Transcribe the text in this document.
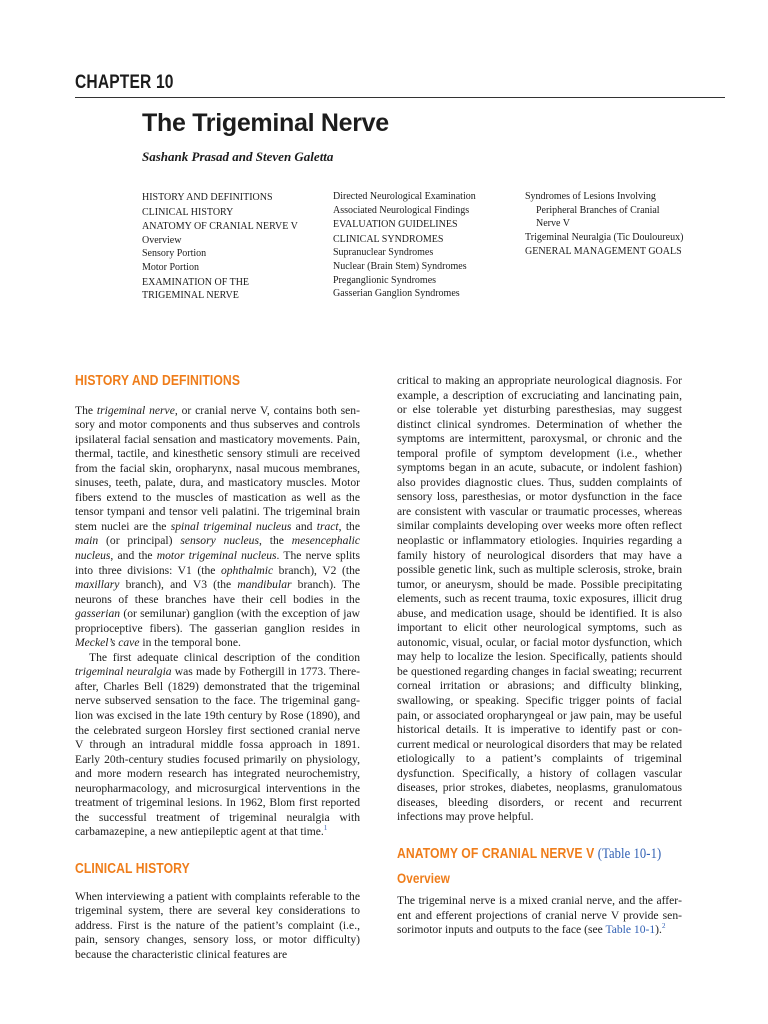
CHAPTER 10
The Trigeminal Nerve
Sashank Prasad and Steven Galetta
HISTORY AND DEFINITIONS
CLINICAL HISTORY
ANATOMY OF CRANIAL NERVE V
Overview
Sensory Portion
Motor Portion
EXAMINATION OF THE
TRIGEMINAL NERVE
Directed Neurological Examination
Associated Neurological Findings
EVALUATION GUIDELINES
CLINICAL SYNDROMES
Supranuclear Syndromes
Nuclear (Brain Stem) Syndromes
Preganglionic Syndromes
Gasserian Ganglion Syndromes
Syndromes of Lesions Involving
Peripheral Branches of Cranial
Nerve V
Trigeminal Neuralgia (Tic Douloureux)
GENERAL MANAGEMENT GOALS
HISTORY AND DEFINITIONS

The trigeminal nerve, or cranial nerve V, contains both sensory and motor components and thus subserves and controls ipsilateral facial sensation and masticatory movements. Pain, thermal, tactile, and kinesthetic sensory stimuli are received from the facial skin, oropharynx, nasal mucous membranes, sinuses, teeth, palate, dura, and masticatory muscles. Motor fibers extend to the muscles of mastication as well as the tensor tympani and tensor veli palatini. The trigeminal brain stem nuclei are the spinal trigeminal nucleus and tract, the main (or principal) sensory nucleus, the mesencephalic nucleus, and the motor trigeminal nucleus. The nerve splits into three divisions: V1 (the ophthalmic branch), V2 (the maxillary branch), and V3 (the mandibular branch). The neurons of these branches have their cell bodies in the gasserian (or semilunar) ganglion (with the exception of jaw proprioceptive fibers). The gasserian ganglion resides in Meckel’s cave in the temporal bone.

The first adequate clinical description of the condition trigeminal neuralgia was made by Fothergill in 1773. Thereafter, Charles Bell (1829) demonstrated that the trigeminal nerve subserved sensation to the face. The trigeminal ganglion was excised in the late 19th century by Rose (1890), and the celebrated surgeon Horsley first sectioned cranial nerve V through an intradural middle fossa approach in 1891. Early 20th-century studies focused primarily on physiology, and more modern research has integrated neurochemistry, neuropharmacology, and microsurgical interventions in the treatment of trigeminal lesions. In 1962, Blom first reported the successful treatment of trigeminal neuralgia with carbamazepine, a new antiepileptic agent at that time.$^1$

CLINICAL HISTORY

When interviewing a patient with complaints referable to the trigeminal system, there are several key considerations to address. First is the nature of the patient’s complaint (i.e., pain, sensory changes, sensory loss, or motor difficulty) because the characteristic clinical features are

critical to making an appropriate neurological diagnosis. For example, a description of excruciating and lancinating pain, or else tolerable yet disturbing paresthesias, may suggest distinct clinical syndromes. Determination of whether the symptoms are intermittent, paroxysmal, or chronic and the temporal profile of symptom development (i.e., whether symptoms began in an acute, subacute, or indolent fashion) also provides diagnostic clues. Thus, sudden complaints of sensory loss, paresthesias, or motor dysfunction in the face are consistent with vascular or traumatic processes, whereas similar complaints developing over weeks more often reflect neoplastic or inflammatory etiologies. Inquiries regarding a family history of neurological disorders that may have a possible genetic link, such as multiple sclerosis, stroke, brain tumor, or aneurysm, should be made. Possible precipitating elements, such as recent trauma, toxic exposures, illicit drug abuse, and medication usage, should be identified. It is also important to elicit other neurological symptoms, such as autonomic, visual, ocular, or facial motor dysfunction, which may help to localize the lesion. Specifically, patients should be questioned regarding changes in facial sweating; recurrent corneal irritation or abrasions; and difficulty blinking, swallowing, or speaking. Specific trigger points of facial pain, or associated oropharyngeal or jaw pain, may be useful historical details. It is imperative to identify past or concurrent medical or neurological disorders that may be related etiologically to a patient’s complaints of trigeminal dysfunction. Specifically, a history of collagen vascular diseases, prior strokes, diabetes, neoplasms, granulomatous diseases, bleeding disorders, or recent and recurrent infections may prove helpful.

ANATOMY OF CRANIAL NERVE V (Table 10-1)
Overview

The trigeminal nerve is a mixed cranial nerve, and the afferent and efferent projections of cranial nerve V provide sensorimotor inputs and outputs to the face (see Table 10-1).$^2$
